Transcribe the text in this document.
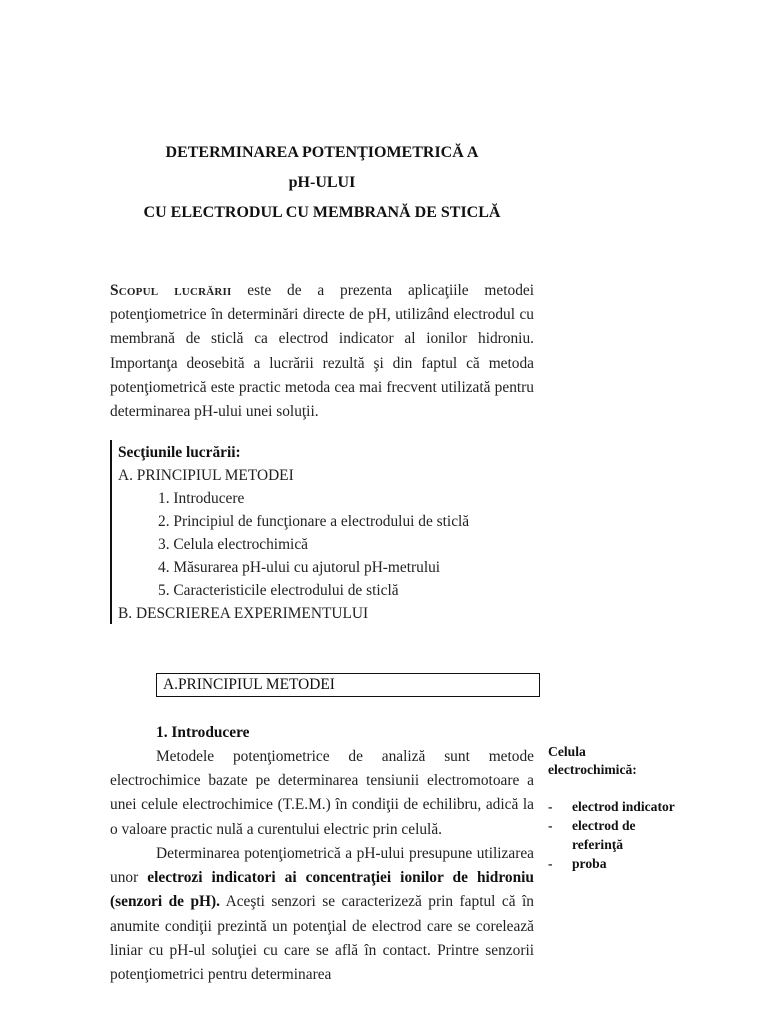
DETERMINAREA POTENŢIOMETRICĂ A
pH-ULUI
CU ELECTRODUL CU MEMBRANĂ DE STICLĂ
Scopul lucrării este de a prezenta aplicaţiile metodei potenţiometrice în determinări directe de pH, utilizând electrodul cu membrană de sticlă ca electrod indicator al ionilor hidroniu. Importanţa deosebită a lucrării rezultă şi din faptul că metoda potenţiometrică este practic metoda cea mai frecvent utilizată pentru determinarea pH-ului unei soluţii.
Secţiunile lucrării:
A. PRINCIPIUL METODEI
1. Introducere
2. Principiul de funcţionare a electrodului de sticlă
3. Celula electrochimică
4. Măsurarea pH-ului cu ajutorul pH-metrului
5. Caracteristicile electrodului de sticlă
B. DESCRIEREA EXPERIMENTULUI
A.PRINCIPIUL METODEI
1. Introducere
Metodele potenţiometrice de analiză sunt metode electrochimice bazate pe determinarea tensiunii electromotoare a unei celule electrochimice (T.E.M.) în condiţii de echilibru, adică la o valoare practic nulă a curentului electric prin celulă.
Determinarea potenţiometrică a pH-ului presupune utilizarea unor electrozi indicatori ai concentraţiei ionilor de hidroniu (senzori de pH). Aceşti senzori se caracterizeză prin faptul că în anumite condiţii prezintă un potenţial de electrod care se corelează liniar cu pH-ul soluţiei cu care se află în contact. Printre senzorii potenţiometrici pentru determinarea
Celula electrochimică:
- electrod indicator
- electrod de referinţă
- proba
